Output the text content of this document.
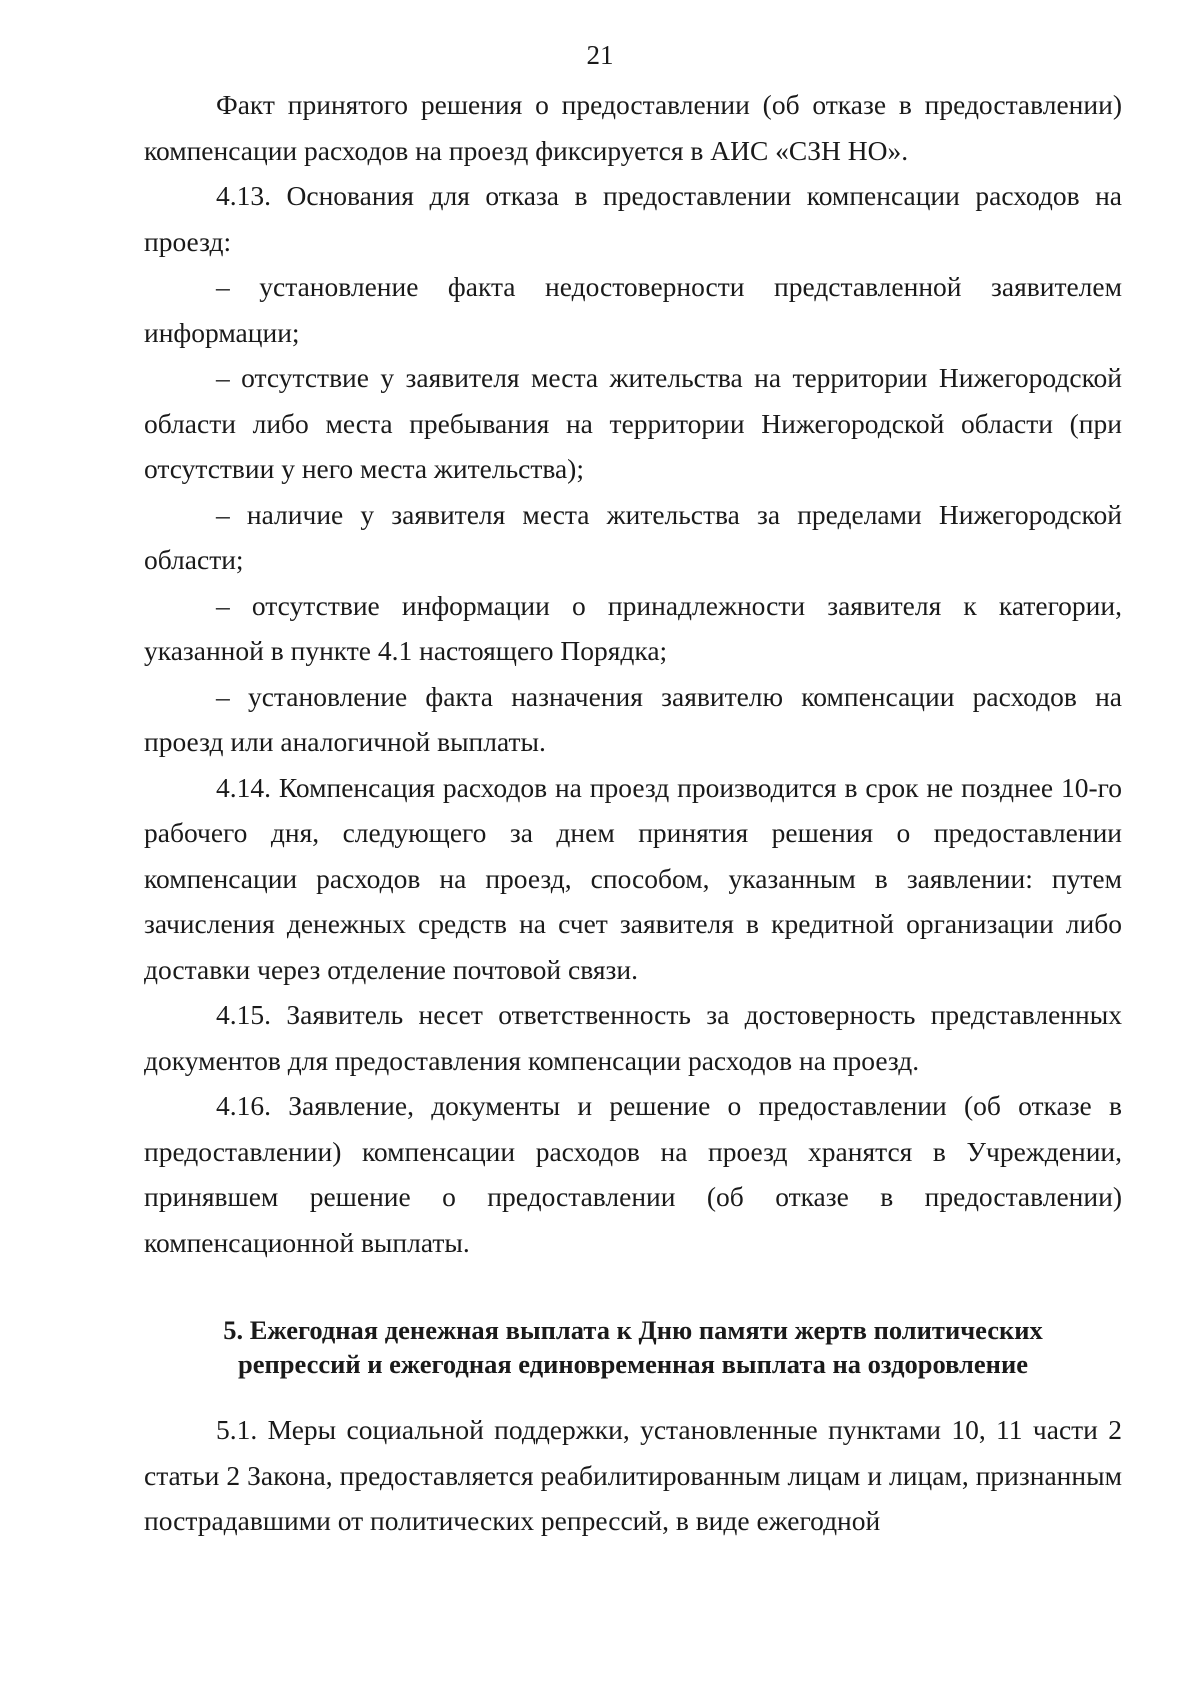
21

Факт принятого решения о предоставлении (об отказе в предоставлении) компенсации расходов на проезд фиксируется в АИС «СЗН НО».

4.13. Основания для отказа в предоставлении компенсации расходов на проезд:

– установление факта недостоверности представленной заявителем информации;

– отсутствие у заявителя места жительства на территории Нижегородской области либо места пребывания на территории Нижегородской области (при отсутствии у него места жительства);

– наличие у заявителя места жительства за пределами Нижегородской области;

– отсутствие информации о принадлежности заявителя к категории, указанной в пункте 4.1 настоящего Порядка;

– установление факта назначения заявителю компенсации расходов на проезд или аналогичной выплаты.

4.14. Компенсация расходов на проезд производится в срок не позднее 10-го рабочего дня, следующего за днем принятия решения о предоставлении компенсации расходов на проезд, способом, указанным в заявлении: путем зачисления денежных средств на счет заявителя в кредитной организации либо доставки через отделение почтовой связи.

4.15. Заявитель несет ответственность за достоверность представленных документов для предоставления компенсации расходов на проезд.

4.16. Заявление, документы и решение о предоставлении (об отказе в предоставлении) компенсации расходов на проезд хранятся в Учреждении, принявшем решение о предоставлении (об отказе в предоставлении) компенсационной выплаты.

5. Ежегодная денежная выплата к Дню памяти жертв политических
репрессий и ежегодная единовременная выплата на оздоровление

5.1. Меры социальной поддержки, установленные пунктами 10, 11 части 2 статьи 2 Закона, предоставляется реабилитированным лицам и лицам, признанным пострадавшими от политических репрессий, в виде ежегодной
